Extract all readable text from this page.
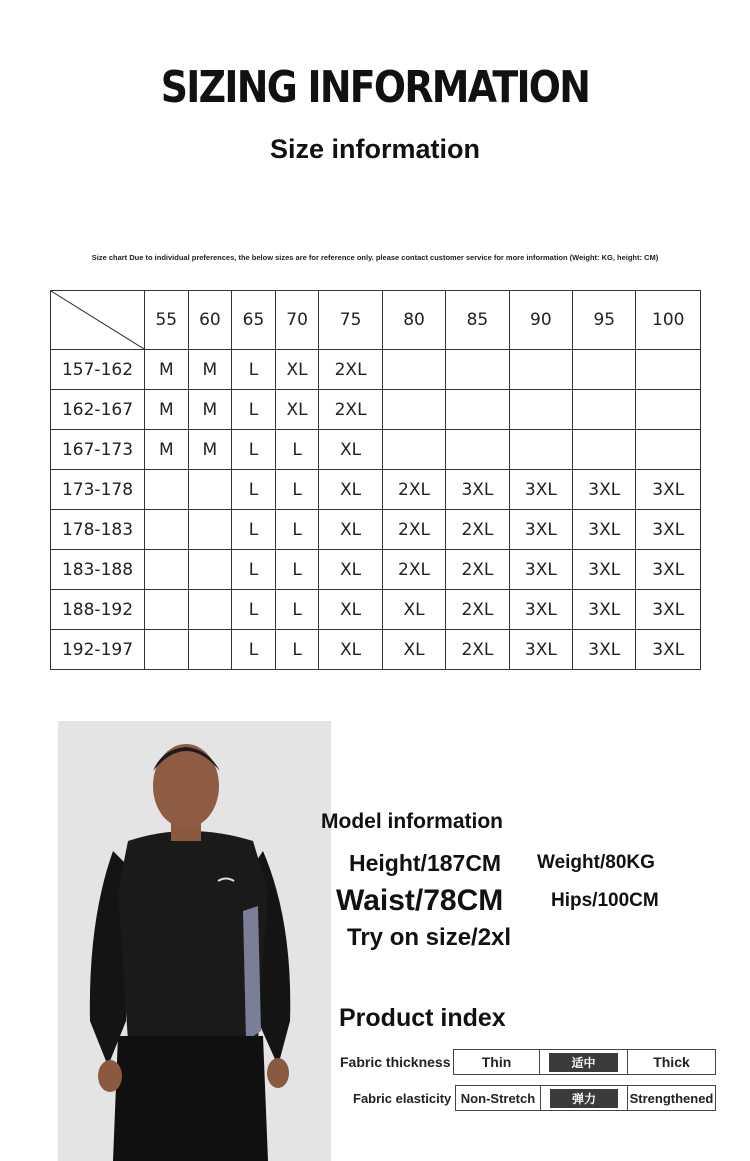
SIZING INFORMATION
Size information
Size chart Due to individual preferences, the below sizes are for reference only. please contact customer service for more information (Weight: KG, height: CM)
	55	60	65	70	75	80	85	90	95	100
157-162	M	M	L	XL	2XL					
162-167	M	M	L	XL	2XL					
167-173	M	M	L	L	XL					
173-178			L	L	XL	2XL	3XL	3XL	3XL	3XL
178-183			L	L	XL	2XL	2XL	3XL	3XL	3XL
183-188			L	L	XL	2XL	2XL	3XL	3XL	3XL
188-192			L	L	XL	XL	2XL	3XL	3XL	3XL
192-197			L	L	XL	XL	2XL	3XL	3XL	3XL
Model information
Height/187CM Weight/80KG
Waist/78CM	Hips/100CM
Try on size/2xl
Product index
Fabric thickness	Thin	适中	Thick
Fabric elasticity Non-Stretch	弹力	Strengthened
